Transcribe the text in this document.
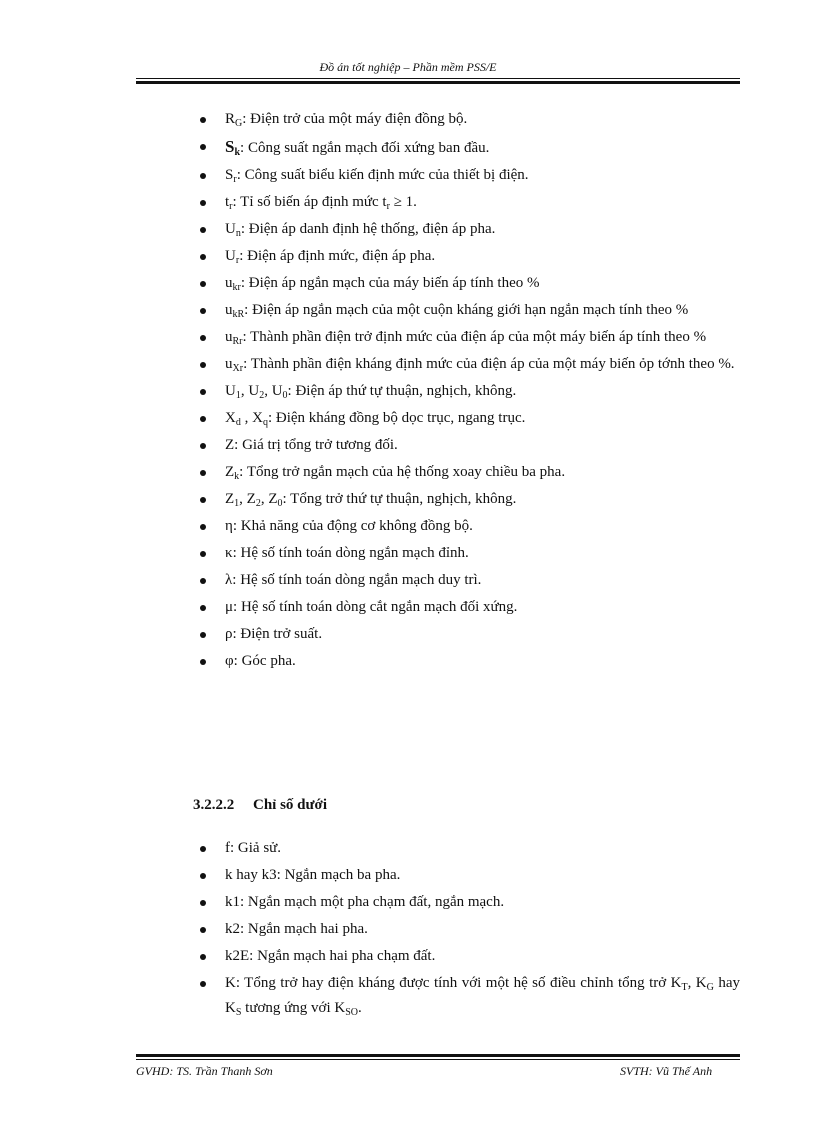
Đồ án tốt nghiệp – Phần mềm PSS/E
$R_G$: Điện trở của một máy điện đồng bộ.
$S_k$: Công suất ngắn mạch đối xứng ban đầu.
$S_r$: Công suất biểu kiến định mức của thiết bị điện.
$t_r$: Tỉ số biến áp định mức $t_r \ge 1$.
$U_n$: Điện áp danh định hệ thống, điện áp pha.
$U_r$: Điện áp định mức, điện áp pha.
$u_{kr}$: Điện áp ngắn mạch của máy biến áp tính theo %
$u_{kR}$: Điện áp ngắn mạch của một cuộn kháng giới hạn ngắn mạch tính theo %
$u_{Rr}$: Thành phần điện trở định mức của điện áp của một máy biến áp tính theo %
$u_{Xr}$: Thành phần điện kháng định mức của điện áp của một máy biến ỏp tớnh theo %.
$U_1$, $U_2$, $U_0$: Điện áp thứ tự thuận, nghịch, không.
$X_d$ , $X_q$: Điện kháng đồng bộ dọc trục, ngang trục.
Z: Giá trị tổng trở tương đối.
$Z_k$: Tổng trở ngắn mạch của hệ thống xoay chiều ba pha.
$Z_1$, $Z_2$, $Z_0$: Tổng trở thứ tự thuận, nghịch, không.
η: Khả năng của động cơ không đồng bộ.
κ: Hệ số tính toán dòng ngắn mạch đỉnh.
λ: Hệ số tính toán dòng ngắn mạch duy trì.
μ: Hệ số tính toán dòng cắt ngắn mạch đối xứng.
ρ: Điện trở suất.
φ: Góc pha.
3.2.2.2 Chỉ số dưới
f: Giả sử.
k hay k3: Ngắn mạch ba pha.
k1: Ngắn mạch một pha chạm đất, ngắn mạch.
k2: Ngắn mạch hai pha.
k2E: Ngắn mạch hai pha chạm đất.
K: Tổng trở hay điện kháng được tính với một hệ số điều chỉnh tổng trở $K_T$, $K_G$ hay $K_S$ tương ứng với $K_{SO}$.
GVHD: TS. Trần Thanh Sơn	SVTH: Vũ Thế Anh
